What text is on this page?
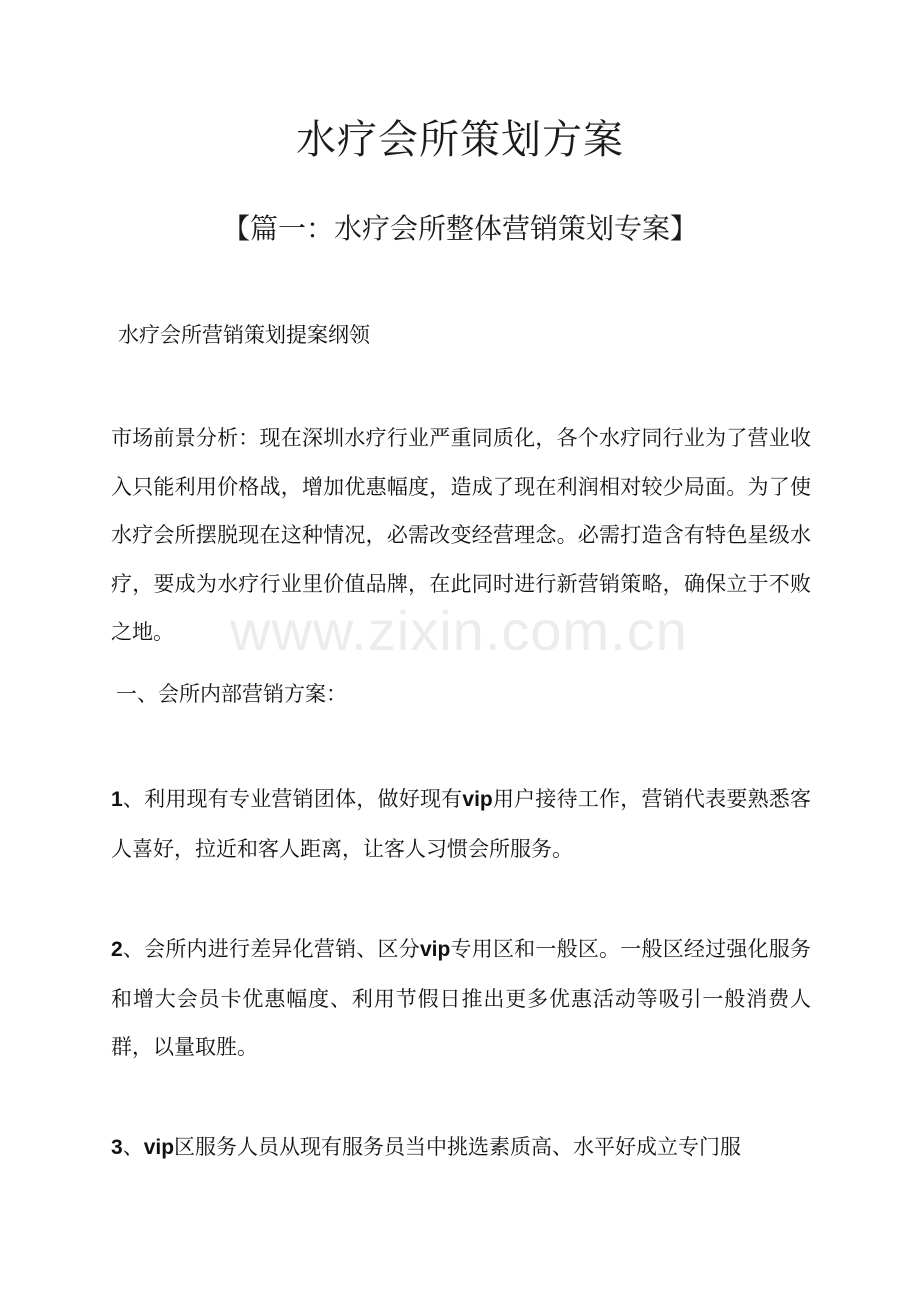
水疗会所策划方案
【篇一：水疗会所整体营销策划专案】

水疗会所营销策划提案纲领

市场前景分析：现在深圳水疗行业严重同质化，各个水疗同行业为了营业收入只能利用价格战，增加优惠幅度，造成了现在利润相对较少局面。为了使水疗会所摆脱现在这种情况，必需改变经营理念。必需打造含有特色星级水疗，要成为水疗行业里价值品牌，在此同时进行新营销策略，确保立于不败之地。	www.zixin.com.cn

一、会所内部营销方案：

1、利用现有专业营销团体，做好现有vip用户接待工作，营销代表要熟悉客人喜好，拉近和客人距离，让客人习惯会所服务。

2、会所内进行差异化营销、区分vip专用区和一般区。一般区经过强化服务和增大会员卡优惠幅度、利用节假日推出更多优惠活动等吸引一般消费人群，以量取胜。

3、vip区服务人员从现有服务员当中挑选素质高、水平好成立专门服
